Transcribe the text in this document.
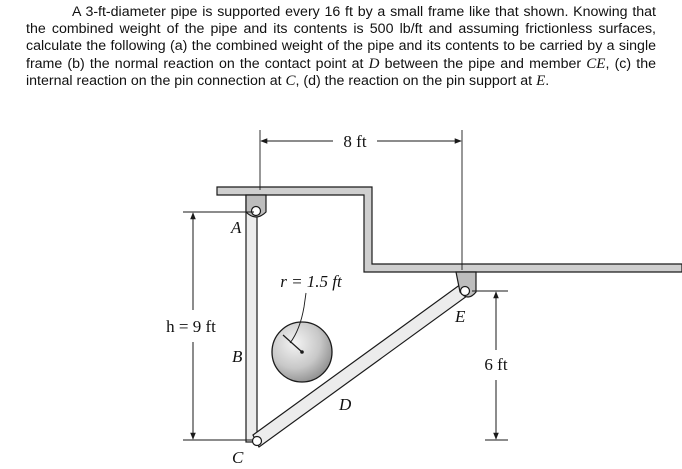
A 3-ft-diameter pipe is supported every 16 ft by a small frame like that shown. Knowing that the combined weight of the pipe and its contents is 500 lb/ft and assuming frictionless surfaces, calculate the following (a) the combined weight of the pipe and its contents to be carried by a single frame (b) the normal reaction on the contact point at D between the pipe and member CE, (c) the internal reaction on the pin connection at C, (d) the reaction on the pin support at E.
8 ft
h = 9 ft
6 ft
A
B
C
D
E
r = 1.5 ft
